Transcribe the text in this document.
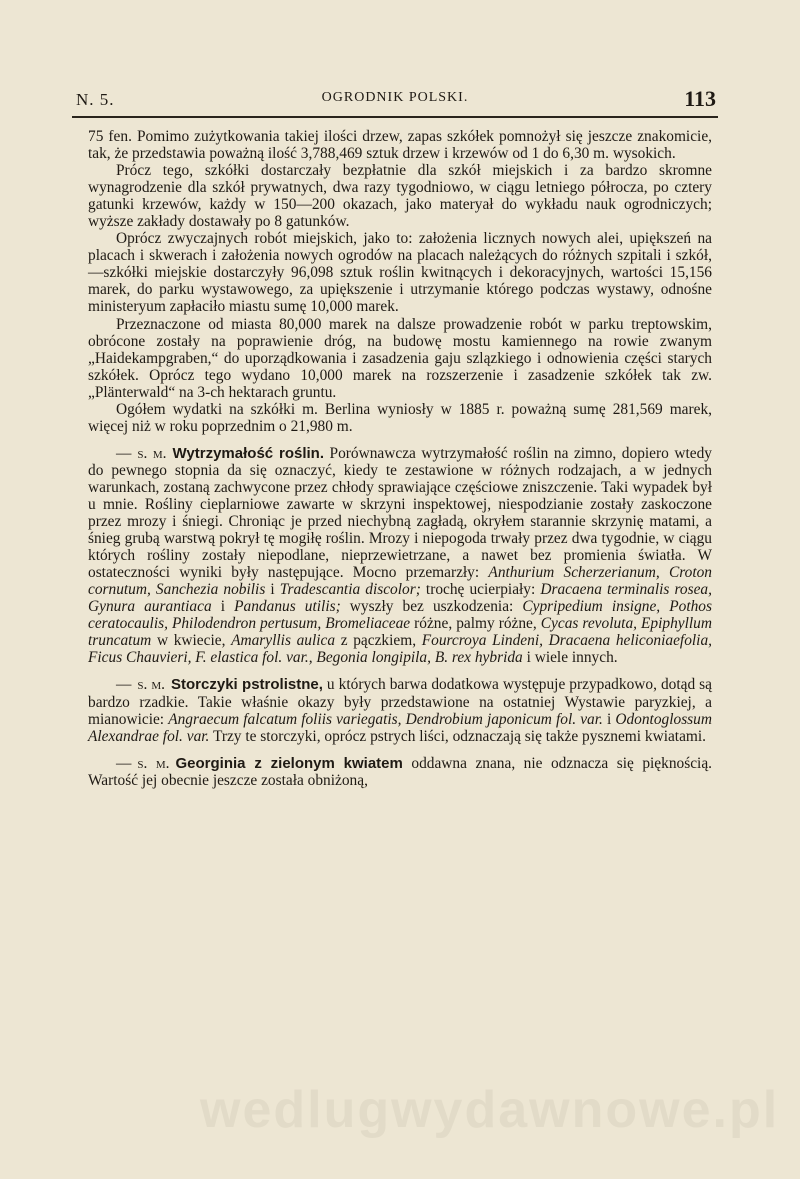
N. 5.	OGRODNIK POLSKI.	113

75 fen. Pomimo zużytkowania takiej ilości drzew, zapas szkółek pomnożył się jeszcze znakomicie, tak, że przedstawia poważną ilość 3,788,469 sztuk drzew i krzewów od 1 do 6,30 m. wysokich.

Prócz tego, szkółki dostarczały bezpłatnie dla szkół miejskich i za bardzo skromne wynagrodzenie dla szkół prywatnych, dwa razy tygodniowo, w ciągu letniego półrocza, po cztery gatunki krzewów, każdy w 150—200 okazach, jako materyał do wykładu nauk ogrodniczych; wyższe zakłady dostawały po 8 gatunków.

Oprócz zwyczajnych robót miejskich, jako to: założenia licznych nowych alei, upiększeń na placach i skwerach i założenia nowych ogrodów na placach należących do różnych szpitali i szkół,—szkółki miejskie dostarczyły 96,098 sztuk roślin kwitnących i dekoracyjnych, wartości 15,156 marek, do parku wystawowego, za upiększenie i utrzymanie którego podczas wystawy, odnośne ministeryum zapłaciło miastu sumę 10,000 marek.

Przeznaczone od miasta 80,000 marek na dalsze prowadzenie robót w parku treptowskim, obrócone zostały na poprawienie dróg, na budowę mostu kamiennego na rowie zwanym „Haidekampgraben,“ do uporządkowania i zasadzenia gaju szlązkiego i odnowienia części starych szkółek. Oprócz tego wydano 10,000 marek na rozszerzenie i zasadzenie szkółek tak zw. „Plänterwald“ na 3-ch hektarach gruntu.

Ogółem wydatki na szkółki m. Berlina wyniosły w 1885 r. poważną sumę 281,569 marek, więcej niż w roku poprzednim o 21,980 m.

— s. m. Wytrzymałość roślin. Porównawcza wytrzymałość roślin na zimno, dopiero wtedy do pewnego stopnia da się oznaczyć, kiedy te zestawione w różnych rodzajach, a w jednych warunkach, zostaną zachwycone przez chłody sprawiające częściowe zniszczenie. Taki wypadek był u mnie. Rośliny cieplarniowe zawarte w skrzyni inspektowej, niespodzianie zostały zaskoczone przez mrozy i śniegi. Chroniąc je przed niechybną zagładą, okryłem starannie skrzynię matami, a śnieg grubą warstwą pokrył tę mogiłę roślin. Mrozy i niepogoda trwały przez dwa tygodnie, w ciągu których rośliny zostały niepodlane, nieprzewietrzane, a nawet bez promienia światła. W ostateczności wyniki były następujące. Mocno przemarzły: Anthurium Scherzerianum, Croton cornutum, Sanchezia nobilis i Tradescantia discolor; trochę ucierpiały: Dracaena terminalis rosea, Gynura aurantiaca i Pandanus utilis; wyszły bez uszkodzenia: Cypripedium insigne, Pothos ceratocaulis, Philodendron pertusum, Bromeliaceae różne, palmy różne, Cycas revoluta, Epiphyllum truncatum w kwiecie, Amaryllis aulica z pączkiem, Fourcroya Lindeni, Dracaena heliconiaefolia, Ficus Chauvieri, F. elastica fol. var., Begonia longipila, B. rex hybrida i wiele innych.

— s. m. Storczyki pstrolistne, u których barwa dodatkowa występuje przypadkowo, dotąd są bardzo rzadkie. Takie właśnie okazy były przedstawione na ostatniej Wystawie paryzkiej, a mianowicie: Angraecum falcatum foliis variegatis, Dendrobium japonicum fol. var. i Odontoglossum Alexandrae fol. var. Trzy te storczyki, oprócz pstrych liści, odznaczają się także pysznemi kwiatami.

— s. m. Georginia z zielonym kwiatem oddawna znana, nie odznacza się pięknością. Wartość jej obecnie jeszcze została obniżoną,

wedlugwydawnowe.pl
